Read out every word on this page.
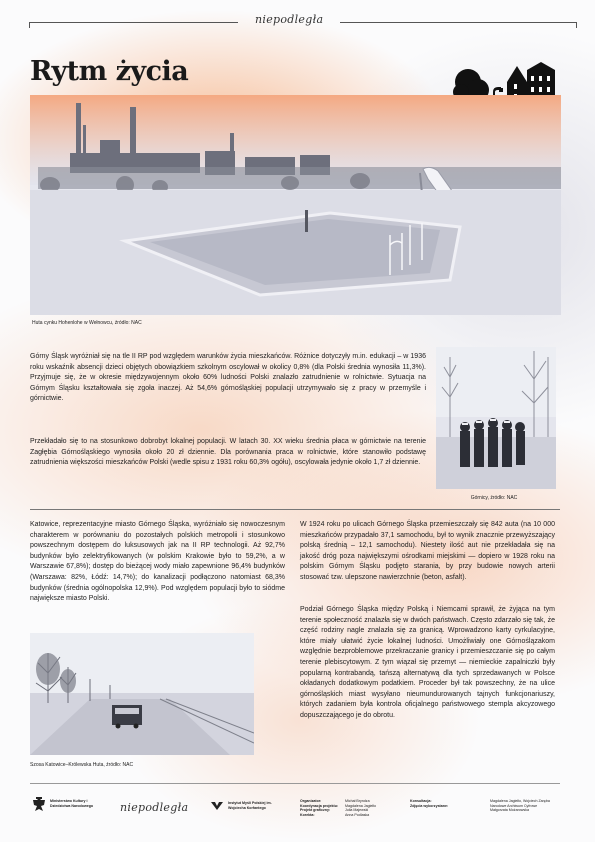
niepodległa
Rytm życia
Huta cynku Hohenlohe w Wełnowcu, źródło: NAC

Górny Śląsk wyróżniał się na tle II RP pod względem warunków życia mieszkańców. Różnice dotyczyły m.in. edukacji – w 1936 roku wskaźnik absencji dzieci objętych obowiązkiem szkolnym oscylował w okolicy 0,8% (dla Polski średnia wynosiła 11,3%). Przyjmuje się, że w okresie międzywojennym około 60% ludności Polski znalazło zatrudnienie w rolnictwie. Sytuacja na Górnym Śląsku kształtowała się zgoła inaczej. Aż 54,6% górnośląskiej populacji utrzymywało się z pracy w przemyśle i górnictwie.

Przekładało się to na stosunkowo dobrobyt lokalnej populacji. W latach 30. XX wieku średnia płaca w górnictwie na terenie Zagłębia Górnośląskiego wynosiła około 20 zł dziennie. Dla porównania praca w rolnictwie, które stanowiło podstawę zatrudnienia większości mieszkańców Polski (wedle spisu z 1931 roku 60,3% ogółu), oscylowała jedynie około 1,7 zł dziennie.

Górnicy, źródło: NAC

Katowice, reprezentacyjne miasto Górnego Śląska, wyróżniało się nowoczesnym charakterem w porównaniu do pozostałych polskich metropolii i stosunkowo powszechnym dostępem do luksusowych jak na II RP technologii. Aż 92,7% budynków było zelektryfikowanych (w polskim Krakowie było to 59,2%, a w Warszawie 67,8%); dostęp do bieżącej wody miało zapewnione 96,4% budynków (Warszawa: 82%, Łódź: 14,7%); do kanalizacji podłączono natomiast 68,3% budynków (średnia ogólnopolska 12,9%). Pod względem populacji było to siódme największe miasto Polski.

W 1924 roku po ulicach Górnego Śląska przemieszczały się 842 auta (na 10 000 mieszkańców przypadało 37,1 samochodu, był to wynik znacznie przewyższający polską średnią – 12,1 samochodu). Niestety ilość aut nie przekładała się na jakość dróg poza największymi ośrodkami miejskimi — dopiero w 1928 roku na polskim Górnym Śląsku podjęto starania, by przy budowie nowych arterii stosować tzw. ulepszone nawierzchnie (beton, asfalt).

Podział Górnego Śląska między Polską i Niemcami sprawił, że żyjąca na tym terenie społeczność znalazła się w dwóch państwach. Często zdarzało się tak, że część rodziny nagle znalazła się za granicą. Wprowadzono karty cyrkulacyjne, które miały ułatwić życie lokalnej ludności. Umożliwiały one Górnoślązakom względnie bezproblemowe przekraczanie granicy i przemieszczanie się po całym terenie plebiscytowym. Z tym wiązał się przemyt — niemieckie zapalniczki były popularną kontrabandą, tańszą alternatywą dla tych sprzedawanych w Polsce okładanych dodatkowym podatkiem. Proceder był tak powszechny, że na ulice górnośląskich miast wysyłano nieumundurowanych tajnych funkcjonariuszy, których zadaniem była kontrola oficjalnego państwowego stempla akcyzowego dopuszczającego je do obrotu.

Szosa Katowice–Królewska Huta, źródło: NAC
Ministerstwo Kultury i Dziedzictwa Narodowego niepodległa	Instytut Myśli Polskiej im. Wojciecha Korfantego
Organizator:
Koordynacja projektu:
Projekt graficzny:
Korekta:
Michał Bryndza
Magdalena Jagiełło
Julia Majewski
Anna Podlaska
Konsultacja:
Zdjęcia wykorzystane:
Magdalena Jagiełło, Wojciech Zaręba
Narodowe Archiwum Cyfrowe
Małgorzata Możarowska
